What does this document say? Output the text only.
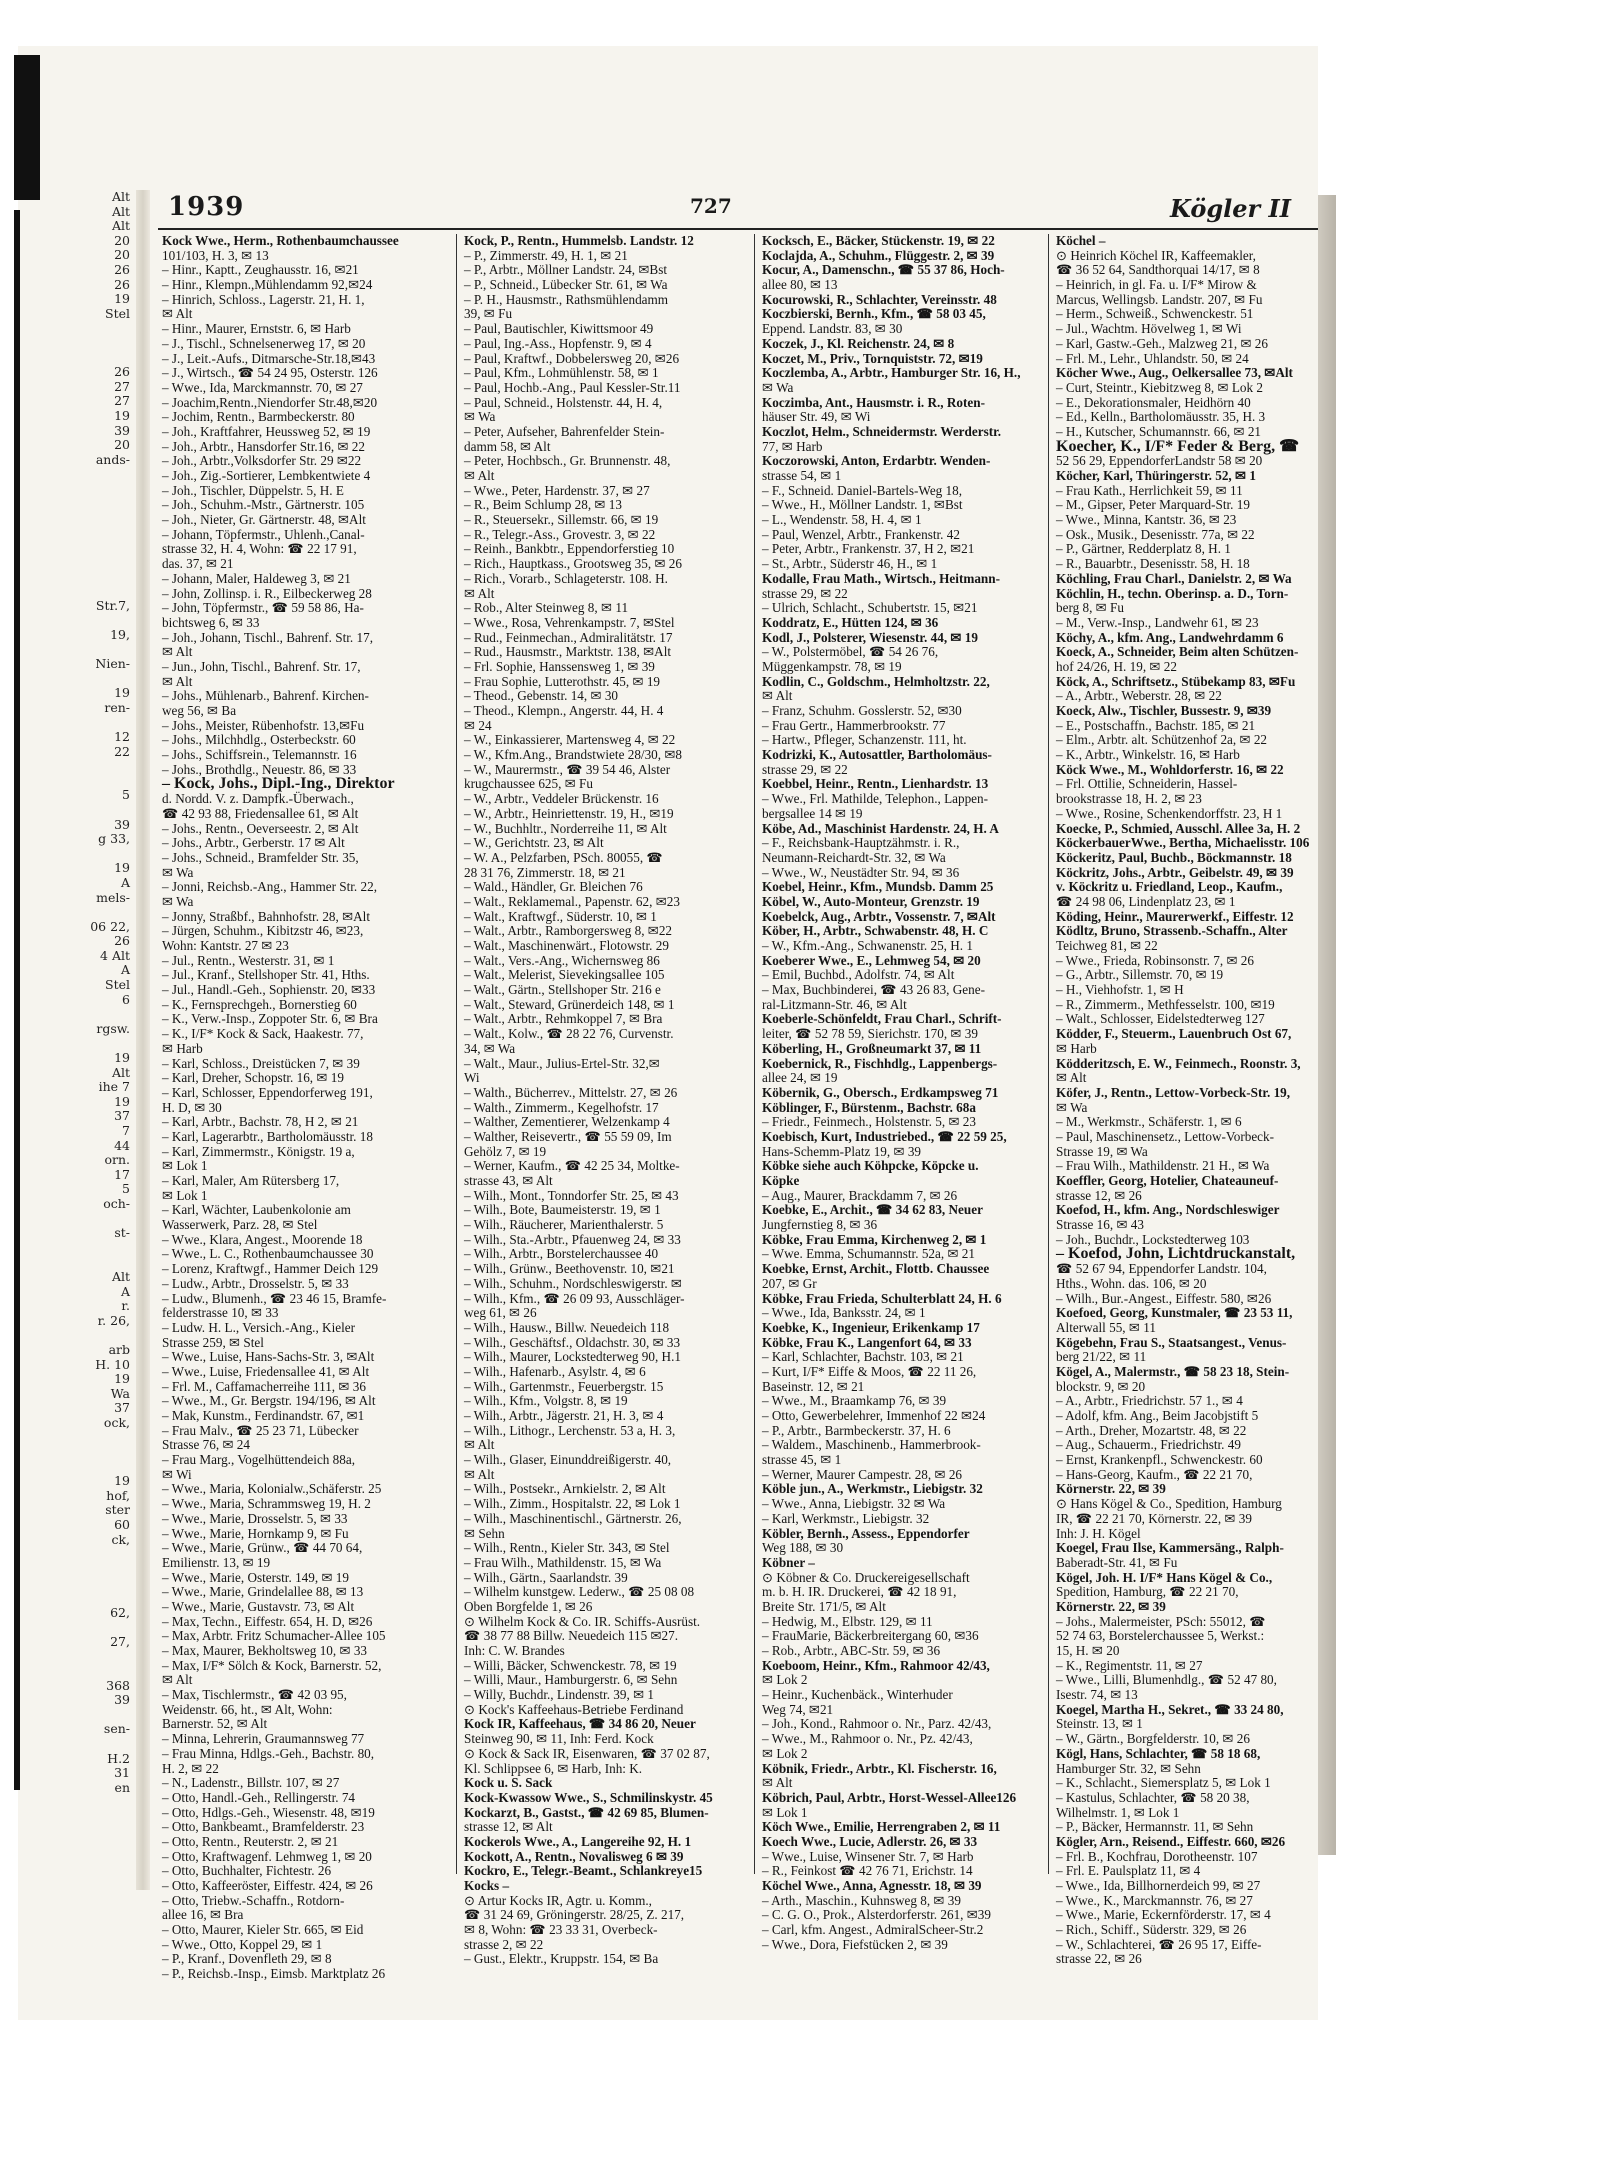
Alt
Alt
Alt
20
20
26
26
19
Stel
26
27
27
19
39
20
ands-
Str.7,
19,
Nien-
19
ren-
12
22
5
39
g 33,
19
A
mels-
06 22,
26
4 Alt
A
Stel
6
rgsw.
19
Alt
ihe 7
19
37
7
44
orn.
17
5
och-
st-
Alt
A
r.
r. 26,
arb
H. 10
19
Wa
37
ock,
19
hof,
ster
60
ck,
62,
27,
368
39
sen-
H.2
31
en
1939	727	Kögler II
Kock Wwe., Herm., Rothenbaumchaussee
101/103, H. 3, ✉ 13
– Hinr., Kaptt., Zeughausstr. 16, ✉21
– Hinr., Klempn.,Mühlendamm 92,✉24
– Hinrich, Schloss., Lagerstr. 21, H. 1,
✉ Alt
– Hinr., Maurer, Ernststr. 6, ✉ Harb
– J., Tischl., Schnelsenerweg 17, ✉ 20
– J., Leit.-Aufs., Ditmarsche-Str.18,✉43
– J., Wirtsch., ☎ 54 24 95, Osterstr. 126
– Wwe., Ida, Marckmannstr. 70, ✉ 27
– Joachim,Rentn.,Niendorfer Str.48,✉20
– Jochim, Rentn., Barmbeckerstr. 80
– Joh., Kraftfahrer, Heussweg 52, ✉ 19
– Joh., Arbtr., Hansdorfer Str.16, ✉ 22
– Joh., Arbtr.,Volksdorfer Str. 29 ✉22
– Joh., Zig.-Sortierer, Lembkentwiete 4
– Joh., Tischler, Düppelstr. 5, H. E
– Joh., Schuhm.-Mstr., Gärtnerstr. 105
– Joh., Nieter, Gr. Gärtnerstr. 48, ✉Alt
– Johann, Töpfermstr., Uhlenh.,Canal-
strasse 32, H. 4, Wohn: ☎ 22 17 91,
das. 37, ✉ 21
– Johann, Maler, Haldeweg 3, ✉ 21
– John, Zollinsp. i. R., Eilbeckerweg 28
– John, Töpfermstr., ☎ 59 58 86, Ha-
bichtsweg 6, ✉ 33
– Joh., Johann, Tischl., Bahrenf. Str. 17,
✉ Alt
– Jun., John, Tischl., Bahrenf. Str. 17,
✉ Alt
– Johs., Mühlenarb., Bahrenf. Kirchen-
weg 56, ✉ Ba
– Johs., Meister, Rübenhofstr. 13,✉Fu
– Johs., Milchhdlg., Osterbeckstr. 60
– Johs., Schiffsrein., Telemannstr. 16
– Johs., Brothdlg., Neuestr. 86, ✉ 33
– Kock, Johs., Dipl.-Ing., Direktor
d. Nordd. V. z. Dampfk.-Überwach.,
☎ 42 93 88, Friedensallee 61, ✉ Alt
– Johs., Rentn., Oeverseestr. 2, ✉ Alt
– Johs., Arbtr., Gerberstr. 17 ✉ Alt
– Johs., Schneid., Bramfelder Str. 35,
✉ Wa
– Jonni, Reichsb.-Ang., Hammer Str. 22,
✉ Wa
– Jonny, Straßbf., Bahnhofstr. 28, ✉Alt
– Jürgen, Schuhm., Kibitzstr 46, ✉23,
Wohn: Kantstr. 27 ✉ 23
– Jul., Rentn., Westerstr. 31, ✉ 1
– Jul., Kranf., Stellshoper Str. 41, Hths.
– Jul., Handl.-Geh., Sophienstr. 20, ✉33
– K., Fernsprechgeh., Bornerstieg 60
– K., Verw.-Insp., Zoppoter Str. 6, ✉ Bra
– K., I/F* Kock & Sack, Haakestr. 77,
✉ Harb
– Karl, Schloss., Dreistücken 7, ✉ 39
– Karl, Dreher, Schopstr. 16, ✉ 19
– Karl, Schlosser, Eppendorferweg 191,
H. D, ✉ 30
– Karl, Arbtr., Bachstr. 78, H 2, ✉ 21
– Karl, Lagerarbtr., Bartholomäusstr. 18
– Karl, Zimmermstr., Königstr. 19 a,
✉ Lok 1
– Karl, Maler, Am Rütersberg 17,
✉ Lok 1
– Karl, Wächter, Laubenkolonie am
Wasserwerk, Parz. 28, ✉ Stel
– Wwe., Klara, Angest., Moorende 18
– Wwe., L. C., Rothenbaumchaussee 30
– Lorenz, Kraftwgf., Hammer Deich 129
– Ludw., Arbtr., Drosselstr. 5, ✉ 33
– Ludw., Blumenh., ☎ 23 46 15, Bramfe-
felderstrasse 10, ✉ 33
– Ludw. H. L., Versich.-Ang., Kieler
Strasse 259, ✉ Stel
– Wwe., Luise, Hans-Sachs-Str. 3, ✉Alt
– Wwe., Luise, Friedensallee 41, ✉ Alt
– Frl. M., Caffamacherreihe 111, ✉ 36
– Wwe., M., Gr. Bergstr. 194/196, ✉ Alt
– Mak, Kunstm., Ferdinandstr. 67, ✉1
– Frau Malv., ☎ 25 23 71, Lübecker
Strasse 76, ✉ 24
– Frau Marg., Vogelhüttendeich 88a,
✉ Wi
– Wwe., Maria, Kolonialw.,Schäferstr. 25
– Wwe., Maria, Schrammsweg 19, H. 2
– Wwe., Marie, Drosselstr. 5, ✉ 33
– Wwe., Marie, Hornkamp 9, ✉ Fu
– Wwe., Marie, Grünw., ☎ 44 70 64,
Emilienstr. 13, ✉ 19
– Wwe., Marie, Osterstr. 149, ✉ 19
– Wwe., Marie, Grindelallee 88, ✉ 13
– Wwe., Marie, Gustavstr. 73, ✉ Alt
– Max, Techn., Eiffestr. 654, H. D, ✉26
– Max, Arbtr. Fritz Schumacher-Allee 105
– Max, Maurer, Bekholtsweg 10, ✉ 33
– Max, I/F* Sölch & Kock, Barnerstr. 52,
✉ Alt
– Max, Tischlermstr., ☎ 42 03 95,
Weidenstr. 66, ht., ✉ Alt, Wohn:
Barnerstr. 52, ✉ Alt
– Minna, Lehrerin, Graumannsweg 77
– Frau Minna, Hdlgs.-Geh., Bachstr. 80,
H. 2, ✉ 22
– N., Ladenstr., Billstr. 107, ✉ 27
– Otto, Handl.-Geh., Rellingerstr. 74
– Otto, Hdlgs.-Geh., Wiesenstr. 48, ✉19
– Otto, Bankbeamt., Bramfelderstr. 23
– Otto, Rentn., Reuterstr. 2, ✉ 21
– Otto, Kraftwagenf. Lehmweg 1, ✉ 20
– Otto, Buchhalter, Fichtestr. 26
– Otto, Kaffeeröster, Eiffestr. 424, ✉ 26
– Otto, Triebw.-Schaffn., Rotdorn-
allee 16, ✉ Bra
– Otto, Maurer, Kieler Str. 665, ✉ Eid
– Wwe., Otto, Koppel 29, ✉ 1
– P., Kranf., Dovenfleth 29, ✉ 8
– P., Reichsb.-Insp., Eimsb. Marktplatz 26
Kock, P., Rentn., Hummelsb. Landstr. 12
– P., Zimmerstr. 49, H. 1, ✉ 21
– P., Arbtr., Möllner Landstr. 24, ✉Bst
– P., Schneid., Lübecker Str. 61, ✉ Wa
– P. H., Hausmstr., Rathsmühlendamm
39, ✉ Fu
– Paul, Bautischler, Kiwittsmoor 49
– Paul, Ing.-Ass., Hopfenstr. 9, ✉ 4
– Paul, Kraftwf., Dobbelersweg 20, ✉26
– Paul, Kfm., Lohmühlenstr. 58, ✉ 1
– Paul, Hochb.-Ang., Paul Kessler-Str.11
– Paul, Schneid., Holstenstr. 44, H. 4,
✉ Wa
– Peter, Aufseher, Bahrenfelder Stein-
damm 58, ✉ Alt
– Peter, Hochbsch., Gr. Brunnenstr. 48,
✉ Alt
– Wwe., Peter, Hardenstr. 37, ✉ 27
– R., Beim Schlump 28, ✉ 13
– R., Steuersekr., Sillemstr. 66, ✉ 19
– R., Telegr.-Ass., Grovestr. 3, ✉ 22
– Reinh., Bankbtr., Eppendorferstieg 10
– Rich., Hauptkass., Grootsweg 35, ✉ 26
– Rich., Vorarb., Schlageterstr. 108. H.
✉ Alt
– Rob., Alter Steinweg 8, ✉ 11
– Wwe., Rosa, Vehrenkampstr. 7, ✉Stel
– Rud., Feinmechan., Admiralitätstr. 17
– Rud., Hausmstr., Marktstr. 138, ✉Alt
– Frl. Sophie, Hanssensweg 1, ✉ 39
– Frau Sophie, Lutterothstr. 45, ✉ 19
– Theod., Gebenstr. 14, ✉ 30
– Theod., Klempn., Angerstr. 44, H. 4
✉ 24
– W., Einkassierer, Martensweg 4, ✉ 22
– W., Kfm.Ang., Brandstwiete 28/30, ✉8
– W., Maurermstr., ☎ 39 54 46, Alster
krugchaussee 625, ✉ Fu
– W., Arbtr., Veddeler Brückenstr. 16
– W., Arbtr., Heinriettenstr. 19, H., ✉19
– W., Buchhltr., Norderreihe 11, ✉ Alt
– W., Gerichtstr. 23, ✉ Alt
– W. A., Pelzfarben, PSch. 80055, ☎
28 31 76, Zimmerstr. 18, ✉ 21
– Wald., Händler, Gr. Bleichen 76
– Walt., Reklamemal., Papenstr. 62, ✉23
– Walt., Kraftwgf., Süderstr. 10, ✉ 1
– Walt., Arbtr., Ramborgersweg 8, ✉22
– Walt., Maschinenwärt., Flotowstr. 29
– Walt., Vers.-Ang., Wichernsweg 86
– Walt., Melerist, Sievekingsallee 105
– Walt., Gärtn., Stellshoper Str. 216 e
– Walt., Steward, Grünerdeich 148, ✉ 1
– Walt., Arbtr., Rehmkoppel 7, ✉ Bra
– Walt., Kolw., ☎ 28 22 76, Curvenstr.
34, ✉ Wa
– Walt., Maur., Julius-Ertel-Str. 32,✉
Wi
– Walth., Bücherrev., Mittelstr. 27, ✉ 26
– Walth., Zimmerm., Kegelhofstr. 17
– Walther, Zementierer, Welzenkamp 4
– Walther, Reisevertr., ☎ 55 59 09, Im
Gehölz 7, ✉ 19
– Werner, Kaufm., ☎ 42 25 34, Moltke-
strasse 43, ✉ Alt
– Wilh., Mont., Tonndorfer Str. 25, ✉ 43
– Wilh., Bote, Baumeisterstr. 19, ✉ 1
– Wilh., Räucherer, Marienthalerstr. 5
– Wilh., Sta.-Arbtr., Pfauenweg 24, ✉ 33
– Wilh., Arbtr., Borstelerchaussee 40
– Wilh., Grünw., Beethovenstr. 10, ✉21
– Wilh., Schuhm., Nordschleswigerstr. ✉
– Wilh., Kfm., ☎ 26 09 93, Ausschläger-
weg 61, ✉ 26
– Wilh., Hausw., Billw. Neuedeich 118
– Wilh., Geschäftsf., Oldachstr. 30, ✉ 33
– Wilh., Maurer, Lockstedterweg 90, H.1
– Wilh., Hafenarb., Asylstr. 4, ✉ 6
– Wilh., Gartenmstr., Feuerbergstr. 15
– Wilh., Kfm., Volgstr. 8, ✉ 19
– Wilh., Arbtr., Jägerstr. 21, H. 3, ✉ 4
– Wilh., Lithogr., Lerchenstr. 53 a, H. 3,
✉ Alt
– Wilh., Glaser, Einunddreißigerstr. 40,
✉ Alt
– Wilh., Postsekr., Arnkielstr. 2, ✉ Alt
– Wilh., Zimm., Hospitalstr. 22, ✉ Lok 1
– Wilh., Maschinentischl., Gärtnerstr. 26,
✉ Sehn
– Wilh., Rentn., Kieler Str. 343, ✉ Stel
– Frau Wilh., Mathildenstr. 15, ✉ Wa
– Wilh., Gärtn., Saarlandstr. 39
– Wilhelm kunstgew. Lederw., ☎ 25 08 08
Oben Borgfelde 1, ✉ 26
⊙ Wilhelm Kock & Co. IR. Schiffs-Ausrüst.
☎ 38 77 88 Billw. Neuedeich 115 ✉27.
Inh: C. W. Brandes
– Willi, Bäcker, Schwenckestr. 78, ✉ 19
– Willi, Maur., Hamburgerstr. 6, ✉ Sehn
– Willy, Buchdr., Lindenstr. 39, ✉ 1
⊙ Kock's Kaffeehaus-Betriebe Ferdinand
Kock IR, Kaffeehaus, ☎ 34 86 20, Neuer
Steinweg 90, ✉ 11, Inh: Ferd. Kock
⊙ Kock & Sack IR, Eisenwaren, ☎ 37 02 87,
Kl. Schlippsee 6, ✉ Harb, Inh: K.
Kock u. S. Sack
Kock-Kwassow Wwe., S., Schmilinskystr. 45
Kockarzt, B., Gastst., ☎ 42 69 85, Blumen-
strasse 12, ✉ Alt
Kockerols Wwe., A., Langereihe 92, H. 1
Kockott, A., Rentn., Novalisweg 6 ✉ 39
Kockro, E., Telegr.-Beamt., Schlankreye15
Kocks –
⊙ Artur Kocks IR, Agtr. u. Komm.,
☎ 31 24 69, Gröningerstr. 28/25, Z. 217,
✉ 8, Wohn: ☎ 23 33 31, Overbeck-
strasse 2, ✉ 22
– Gust., Elektr., Kruppstr. 154, ✉ Ba
Kocksch, E., Bäcker, Stückenstr. 19, ✉ 22
Koclajda, A., Schuhm., Flüggestr. 2, ✉ 39
Kocur, A., Damenschn., ☎ 55 37 86, Hoch-
allee 80, ✉ 13
Kocurowski, R., Schlachter, Vereinsstr. 48
Koczbierski, Bernh., Kfm., ☎ 58 03 45,
Eppend. Landstr. 83, ✉ 30
Koczek, J., Kl. Reichenstr. 24, ✉ 8
Koczet, M., Priv., Tornquiststr. 72, ✉19
Koczlemba, A., Arbtr., Hamburger Str. 16, H.,
✉ Wa
Koczimba, Ant., Hausmstr. i. R., Roten-
häuser Str. 49, ✉ Wi
Koczlot, Helm., Schneidermstr. Werderstr.
77, ✉ Harb
Koczorowski, Anton, Erdarbtr. Wenden-
strasse 54, ✉ 1
– F., Schneid. Daniel-Bartels-Weg 18,
– Wwe., H., Möllner Landstr. 1, ✉Bst
– L., Wendenstr. 58, H. 4, ✉ 1
– Paul, Wenzel, Arbtr., Frankenstr. 42
– Peter, Arbtr., Frankenstr. 37, H 2, ✉21
– St., Arbtr., Süderstr 46, H., ✉ 1
Kodalle, Frau Math., Wirtsch., Heitmann-
strasse 29, ✉ 22
– Ulrich, Schlacht., Schubertstr. 15, ✉21
Koddratz, E., Hütten 124, ✉ 36
Kodl, J., Polsterer, Wiesenstr. 44, ✉ 19
– W., Polstermöbel, ☎ 54 26 76,
Müggenkampstr. 78, ✉ 19
Kodlin, C., Goldschm., Helmholtzstr. 22,
✉ Alt
– Franz, Schuhm. Gosslerstr. 52, ✉30
– Frau Gertr., Hammerbrookstr. 77
– Hartw., Pfleger, Schanzenstr. 111, ht.
Kodrizki, K., Autosattler, Bartholomäus-
strasse 29, ✉ 22
Koebbel, Heinr., Rentn., Lienhardstr. 13
– Wwe., Frl. Mathilde, Telephon., Lappen-
bergsallee 14 ✉ 19
Köbe, Ad., Maschinist Hardenstr. 24, H. A
– F., Reichsbank-Hauptzähmstr. i. R.,
Neumann-Reichardt-Str. 32, ✉ Wa
– Wwe., W., Neustädter Str. 94, ✉ 36
Koebel, Heinr., Kfm., Mundsb. Damm 25
Köbel, W., Auto-Monteur, Grenzstr. 19
Koebelck, Aug., Arbtr., Vossenstr. 7, ✉Alt
Köber, H., Arbtr., Schwabenstr. 48, H. C
– W., Kfm.-Ang., Schwanenstr. 25, H. 1
Koeberer Wwe., E., Lehmweg 54, ✉ 20
– Emil, Buchbd., Adolfstr. 74, ✉ Alt
– Max, Buchbinderei, ☎ 43 26 83, Gene-
ral-Litzmann-Str. 46, ✉ Alt
Koeberle-Schönfeldt, Frau Charl., Schrift-
leiter, ☎ 52 78 59, Sierichstr. 170, ✉ 39
Köberling, H., Großneumarkt 37, ✉ 11
Koebernick, R., Fischhdlg., Lappenbergs-
allee 24, ✉ 19
Köbernik, G., Obersch., Erdkampsweg 71
Köblinger, F., Bürstenm., Bachstr. 68a
– Friedr., Feinmech., Holstenstr. 5, ✉ 23
Koebisch, Kurt, Industriebed., ☎ 22 59 25,
Hans-Schemm-Platz 19, ✉ 39
Köbke siehe auch Köhpcke, Köpcke u.
Köpke
– Aug., Maurer, Brackdamm 7, ✉ 26
Koebke, E., Archit., ☎ 34 62 83, Neuer
Jungfernstieg 8, ✉ 36
Köbke, Frau Emma, Kirchenweg 2, ✉ 1
– Wwe. Emma, Schumannstr. 52a, ✉ 21
Koebke, Ernst, Archit., Flottb. Chaussee
207, ✉ Gr
Köbke, Frau Frieda, Schulterblatt 24, H. 6
– Wwe., Ida, Banksstr. 24, ✉ 1
Koebke, K., Ingenieur, Erikenkamp 17
Köbke, Frau K., Langenfort 64, ✉ 33
– Karl, Schlachter, Bachstr. 103, ✉ 21
– Kurt, I/F* Eiffe & Moos, ☎ 22 11 26,
Baseinstr. 12, ✉ 21
– Wwe., M., Braamkamp 76, ✉ 39
– Otto, Gewerbelehrer, Immenhof 22 ✉24
– P., Arbtr., Barmbeckerstr. 37, H. 6
– Waldem., Maschinenb., Hammerbrook-
strasse 45, ✉ 1
– Werner, Maurer Campestr. 28, ✉ 26
Köble jun., A., Werkmstr., Liebigstr. 32
– Wwe., Anna, Liebigstr. 32 ✉ Wa
– Karl, Werkmstr., Liebigstr. 32
Köbler, Bernh., Assess., Eppendorfer
Weg 188, ✉ 30
Köbner –
⊙ Köbner & Co. Druckereigesellschaft
m. b. H. IR. Druckerei, ☎ 42 18 91,
Breite Str. 171/5, ✉ Alt
– Hedwig, M., Elbstr. 129, ✉ 11
– FrauMarie, Bäckerbreitergang 60, ✉36
– Rob., Arbtr., ABC-Str. 59, ✉ 36
Koeboom, Heinr., Kfm., Rahmoor 42/43,
✉ Lok 2
– Heinr., Kuchenbäck., Winterhuder
Weg 74, ✉21
– Joh., Kond., Rahmoor o. Nr., Parz. 42/43,
– Wwe., M., Rahmoor o. Nr., Pz. 42/43,
✉ Lok 2
Köbnik, Friedr., Arbtr., Kl. Fischerstr. 16,
✉ Alt
Köbrich, Paul, Arbtr., Horst-Wessel-Allee126
✉ Lok 1
Köch Wwe., Emilie, Herrengraben 2, ✉ 11
Koech Wwe., Lucie, Adlerstr. 26, ✉ 33
– Wwe., Luise, Winsener Str. 7, ✉ Harb
– R., Feinkost ☎ 42 76 71, Erichstr. 14
Köchel Wwe., Anna, Agnesstr. 18, ✉ 39
– Arth., Maschin., Kuhnsweg 8, ✉ 39
– C. G. O., Prok., Alsterdorferstr. 261, ✉39
– Carl, kfm. Angest., AdmiralScheer-Str.2
– Wwe., Dora, Fiefstücken 2, ✉ 39
Köchel –
⊙ Heinrich Köchel IR, Kaffeemakler,
☎ 36 52 64, Sandthorquai 14/17, ✉ 8
– Heinrich, in gl. Fa. u. I/F* Mirow &
Marcus, Wellingsb. Landstr. 207, ✉ Fu
– Herm., Schweiß., Schwenckestr. 51
– Jul., Wachtm. Hövelweg 1, ✉ Wi
– Karl, Gastw.-Geh., Malzweg 21, ✉ 26
– Frl. M., Lehr., Uhlandstr. 50, ✉ 24
Köcher Wwe., Aug., Oelkersallee 73, ✉Alt
– Curt, Steintr., Kiebitzweg 8, ✉ Lok 2
– E., Dekorationsmaler, Heidhörn 40
– Ed., Kelln., Bartholomäusstr. 35, H. 3
– H., Kutscher, Schumannstr. 66, ✉ 21
Koecher, K., I/F* Feder & Berg, ☎
52 56 29, EppendorferLandstr 58 ✉ 20
Köcher, Karl, Thüringerstr. 52, ✉ 1
– Frau Kath., Herrlichkeit 59, ✉ 11
– M., Gipser, Peter Marquard-Str. 19
– Wwe., Minna, Kantstr. 36, ✉ 23
– Osk., Musik., Desenisstr. 77a, ✉ 22
– P., Gärtner, Redderplatz 8, H. 1
– R., Bauarbtr., Desenisstr. 58, H. 18
Köchling, Frau Charl., Danielstr. 2, ✉ Wa
Köchlin, H., techn. Oberinsp. a. D., Torn-
berg 8, ✉ Fu
– M., Verw.-Insp., Landwehr 61, ✉ 23
Köchy, A., kfm. Ang., Landwehrdamm 6
Koeck, A., Schneider, Beim alten Schützen-
hof 24/26, H. 19, ✉ 22
Köck, A., Schriftsetz., Stübekamp 83, ✉Fu
– A., Arbtr., Weberstr. 28, ✉ 22
Koeck, Alw., Tischler, Bussestr. 9, ✉39
– E., Postschaffn., Bachstr. 185, ✉ 21
– Elm., Arbtr. alt. Schützenhof 2a, ✉ 22
– K., Arbtr., Winkelstr. 16, ✉ Harb
Köck Wwe., M., Wohldorferstr. 16, ✉ 22
– Frl. Ottilie, Schneiderin, Hassel-
brookstrasse 18, H. 2, ✉ 23
– Wwe., Rosine, Schenkendorffstr. 23, H 1
Koecke, P., Schmied, Ausschl. Allee 3a, H. 2
KöckerbauerWwe., Bertha, Michaelisstr. 106
Köckeritz, Paul, Buchb., Böckmannstr. 18
Köckritz, Johs., Arbtr., Geibelstr. 49, ✉ 39
v. Köckritz u. Friedland, Leop., Kaufm.,
☎ 24 98 06, Lindenplatz 23, ✉ 1
Köding, Heinr., Maurerwerkf., Eiffestr. 12
Ködltz, Bruno, Strassenb.-Schaffn., Alter
Teichweg 81, ✉ 22
– Wwe., Frieda, Robinsonstr. 7, ✉ 26
– G., Arbtr., Sillemstr. 70, ✉ 19
– H., Viehhofstr. 1, ✉ H
– R., Zimmerm., Methfesselstr. 100, ✉19
– Walt., Schlosser, Eidelstedterweg 127
Ködder, F., Steuerm., Lauenbruch Ost 67,
✉ Harb
Ködderitzsch, E. W., Feinmech., Roonstr. 3,
✉ Alt
Köfer, J., Rentn., Lettow-Vorbeck-Str. 19,
✉ Wa
– M., Werkmstr., Schäferstr. 1, ✉ 6
– Paul, Maschinensetz., Lettow-Vorbeck-
Strasse 19, ✉ Wa
– Frau Wilh., Mathildenstr. 21 H., ✉ Wa
Koeffler, Georg, Hotelier, Chateauneuf-
strasse 12, ✉ 26
Koefod, H., kfm. Ang., Nordschleswiger
Strasse 16, ✉ 43
– Joh., Buchdr., Lockstedterweg 103
– Koefod, John, Lichtdruckanstalt,
☎ 52 67 94, Eppendorfer Landstr. 104,
Hths., Wohn. das. 106, ✉ 20
– Wilh., Bur.-Angest., Eiffestr. 580, ✉26
Koefoed, Georg, Kunstmaler, ☎ 23 53 11,
Alterwall 55, ✉ 11
Kögebehn, Frau S., Staatsangest., Venus-
berg 21/22, ✉ 11
Kögel, A., Malermstr., ☎ 58 23 18, Stein-
blockstr. 9, ✉ 20
– A., Arbtr., Friedrichstr. 57 1., ✉ 4
– Adolf, kfm. Ang., Beim Jacobjstift 5
– Arth., Dreher, Mozartstr. 48, ✉ 22
– Aug., Schauerm., Friedrichstr. 49
– Ernst, Krankenpfl., Schwenckestr. 60
– Hans-Georg, Kaufm., ☎ 22 21 70,
Körnerstr. 22, ✉ 39
⊙ Hans Kögel & Co., Spedition, Hamburg
IR, ☎ 22 21 70, Körnerstr. 22, ✉ 39
Inh: J. H. Kögel
Koegel, Frau Ilse, Kammersäng., Ralph-
Baberadt-Str. 41, ✉ Fu
Kögel, Joh. H. I/F* Hans Kögel & Co.,
Spedition, Hamburg, ☎ 22 21 70,
Körnerstr. 22, ✉ 39
– Johs., Malermeister, PSch: 55012, ☎
52 74 63, Borstelerchaussee 5, Werkst.:
15, H. ✉ 20
– K., Regimentstr. 11, ✉ 27
– Wwe., Lilli, Blumenhdlg., ☎ 52 47 80,
Isestr. 74, ✉ 13
Koegel, Martha H., Sekret., ☎ 33 24 80,
Steinstr. 13, ✉ 1
– W., Gärtn., Borgfelderstr. 10, ✉ 26
Kögl, Hans, Schlachter, ☎ 58 18 68,
Hamburger Str. 32, ✉ Sehn
– K., Schlacht., Siemersplatz 5, ✉ Lok 1
– Kastulus, Schlachter, ☎ 58 20 38,
Wilhelmstr. 1, ✉ Lok 1
– P., Bäcker, Hermannstr. 11, ✉ Sehn
Kögler, Arn., Reisend., Eiffestr. 660, ✉26
– Frl. B., Kochfrau, Dorotheenstr. 107
– Frl. E. Paulsplatz 11, ✉ 4
– Wwe., Ida, Billhornerdeich 99, ✉ 27
– Wwe., K., Marckmannstr. 76, ✉ 27
– Wwe., Marie, Eckernförderstr. 17, ✉ 4
– Rich., Schiff., Süderstr. 329, ✉ 26
– W., Schlachterei, ☎ 26 95 17, Eiffe-
strasse 22, ✉ 26
